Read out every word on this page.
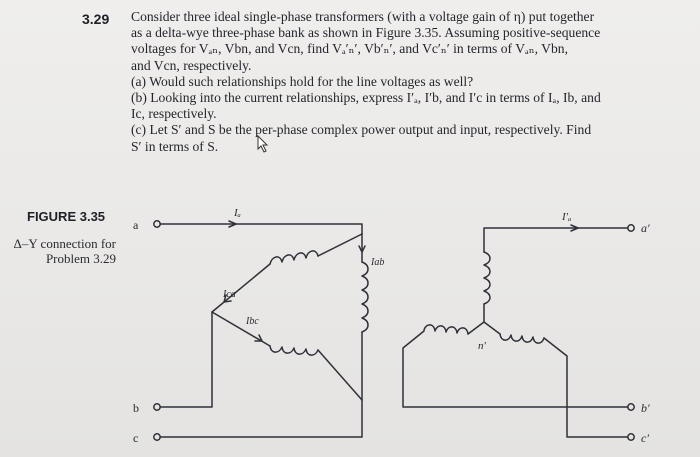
3.29 Consider three ideal single-phase transformers (with a voltage gain of η) put together

as a delta-wye three-phase bank as shown in Figure 3.35. Assuming positive-sequence

voltages for Vₐₙ, Vbn, and Vcn, find Vₐ′ₙ′, Vb′ₙ′, and Vc′ₙ′ in terms of Vₐₙ, Vbn,

and Vcn, respectively.

(a) Would such relationships hold for the line voltages as well?

(b) Looking into the current relationships, express I′ₐ, I′b, and I′c in terms of Iₐ, Ib, and

Ic, respectively.

(c) Let S′ and S be the per-phase complex power output and input, respectively. Find

S′ in terms of S.

FIGURE 3.35
Δ–Y connection for
Problem 3.29
a
b
c
a′
b′
c′
n′
Iₐ	I′ₐ
Iab
Ica
Ibc
